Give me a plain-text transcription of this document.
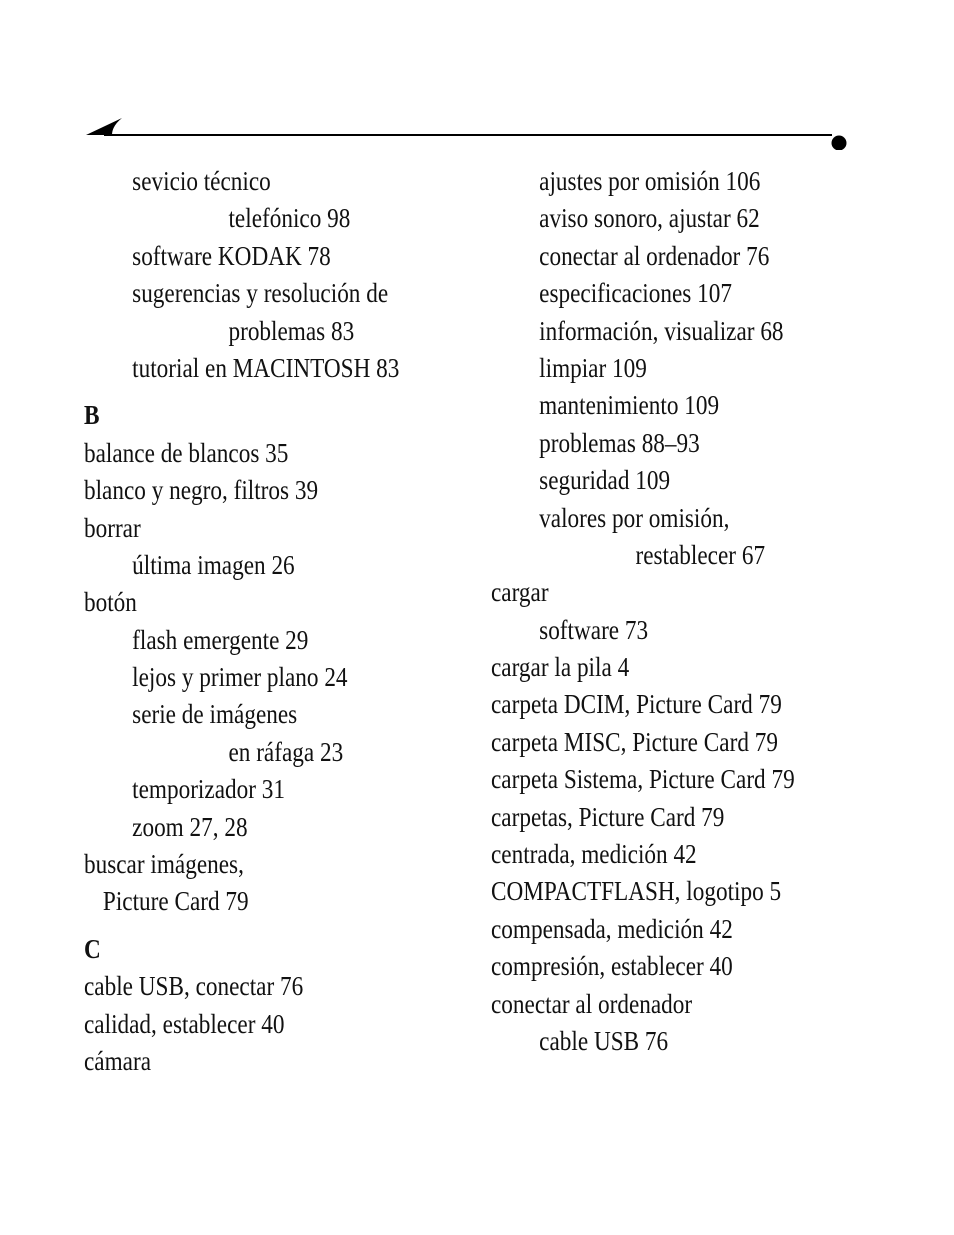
sevicio técnico
telefónico 98
software KODAK 78
sugerencias y resolución de
problemas 83
tutorial en MACINTOSH 83
B
balance de blancos 35
blanco y negro, filtros 39
borrar
última imagen 26
botón
flash emergente 29
lejos y primer plano 24
serie de imágenes
en ráfaga 23
temporizador 31
zoom 27, 28
buscar imágenes,
Picture Card 79
C
cable USB, conectar 76
calidad, establecer 40
cámara
ajustes por omisión 106
aviso sonoro, ajustar 62
conectar al ordenador 76
especificaciones 107
información, visualizar 68
limpiar 109
mantenimiento 109
problemas 88–93
seguridad 109
valores por omisión,
restablecer 67
cargar
software 73
cargar la pila 4
carpeta DCIM, Picture Card 79
carpeta MISC, Picture Card 79
carpeta Sistema, Picture Card 79
carpetas, Picture Card 79
centrada, medición 42
COMPACTFLASH, logotipo 5
compensada, medición 42
compresión, establecer 40
conectar al ordenador
cable USB 76
